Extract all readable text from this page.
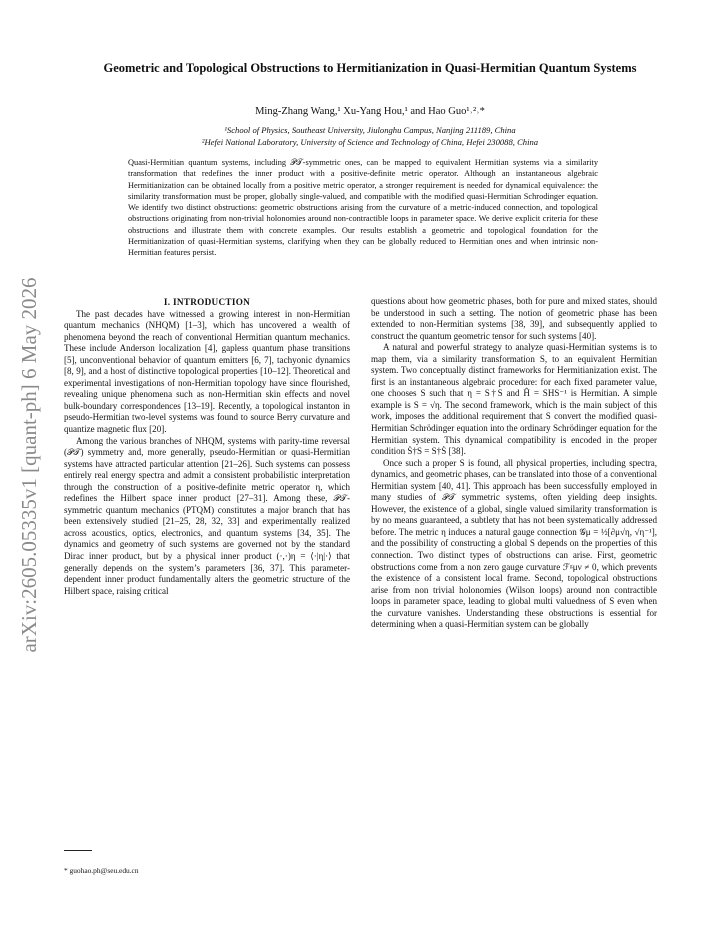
arXiv:2605.05335v1 [quant-ph] 6 May 2026
Geometric and Topological Obstructions to Hermitianization in Quasi-Hermitian Quantum Systems
Ming-Zhang Wang,¹ Xu-Yang Hou,¹ and Hao Guo¹˒²˒*
¹School of Physics, Southeast University, Jiulonghu Campus, Nanjing 211189, China
²Hefei National Laboratory, University of Science and Technology of China, Hefei 230088, China
Quasi-Hermitian quantum systems, including 𝒫𝒯-symmetric ones, can be mapped to equivalent Hermitian systems via a similarity transformation that redefines the inner product with a positive-definite metric operator. Although an instantaneous algebraic Hermitianization can be obtained locally from a positive metric operator, a stronger requirement is needed for dynamical equivalence: the similarity transformation must be proper, globally single-valued, and compatible with the modified quasi-Hermitian Schrodinger equation. We identify two distinct obstructions: geometric obstructions arising from the curvature of a metric-induced connection, and topological obstructions originating from non-trivial holonomies around non-contractible loops in parameter space. We derive explicit criteria for these obstructions and illustrate them with concrete examples. Our results establish a geometric and topological foundation for the Hermitianization of quasi-Hermitian systems, clarifying when they can be globally reduced to Hermitian ones and when intrinsic non-Hermitian features persist.

I. INTRODUCTION

The past decades have witnessed a growing interest in non-Hermitian quantum mechanics (NHQM) [1–3], which has uncovered a wealth of phenomena beyond the reach of conventional Hermitian quantum mechanics. These include Anderson localization [4], gapless quantum phase transitions [5], unconventional behavior of quantum emitters [6, 7], tachyonic dynamics [8, 9], and a host of distinctive topological properties [10–12]. Theoretical and experimental investigations of non-Hermitian topology have since flourished, revealing unique phenomena such as non-Hermitian skin effects and novel bulk-boundary correspondences [13–19]. Recently, a topological instanton in pseudo-Hermitian two-level systems was found to source Berry curvature and quantize magnetic flux [20].

Among the various branches of NHQM, systems with parity-time reversal (𝒫𝒯) symmetry and, more generally, pseudo-Hermitian or quasi-Hermitian systems have attracted particular attention [21–26]. Such systems can possess entirely real energy spectra and admit a consistent probabilistic interpretation through the construction of a positive-definite metric operator η, which redefines the Hilbert space inner product [27–31]. Among these, 𝒫𝒯-symmetric quantum mechanics (PTQM) constitutes a major branch that has been extensively studied [21–25, 28, 32, 33] and experimentally realized across acoustics, optics, electronics, and quantum systems [34, 35]. The dynamics and geometry of such systems are governed not by the standard Dirac inner product, but by a physical inner product (·,·)η = ⟨·|η|·⟩ that generally depends on the system’s parameters [36, 37]. This parameter-dependent inner product fundamentally alters the geometric structure of the Hilbert space, raising critical

questions about how geometric phases, both for pure and mixed states, should be understood in such a setting. The notion of geometric phase has been extended to non-Hermitian systems [38, 39], and subsequently applied to construct the quantum geometric tensor for such systems [40].

A natural and powerful strategy to analyze quasi-Hermitian systems is to map them, via a similarity transformation S, to an equivalent Hermitian system. Two conceptually distinct frameworks for Hermitianization exist. The first is an instantaneous algebraic procedure: for each fixed parameter value, one chooses S such that η = S†S and Ĥ = SHS⁻¹ is Hermitian. A simple example is S = √η. The second framework, which is the main subject of this work, imposes the additional requirement that S convert the modified quasi-Hermitian Schrödinger equation into the ordinary Schrödinger equation for the Hermitian system. This dynamical compatibility is encoded in the proper condition Ṡ†S = S†Ṡ [38].

Once such a proper S is found, all physical properties, including spectra, dynamics, and geometric phases, can be translated into those of a conventional Hermitian system [40, 41]. This approach has been successfully employed in many studies of 𝒫𝒯 symmetric systems, often yielding deep insights. However, the existence of a global, single valued similarity transformation is by no means guaranteed, a subtlety that has not been systematically addressed before. The metric η induces a natural gauge connection 𝒢μ = ½[∂μ√η, √η⁻¹], and the possibility of constructing a global S depends on the properties of this connection. Two distinct types of obstructions can arise. First, geometric obstructions come from a non zero gauge curvature ℱᵍμν ≠ 0, which prevents the existence of a consistent local frame. Second, topological obstructions arise from non trivial holonomies (Wilson loops) around non contractible loops in parameter space, leading to global multi valuedness of S even when the curvature vanishes. Understanding these obstructions is essential for determining when a quasi-Hermitian system can be globally

* guohao.ph@seu.edu.cn
